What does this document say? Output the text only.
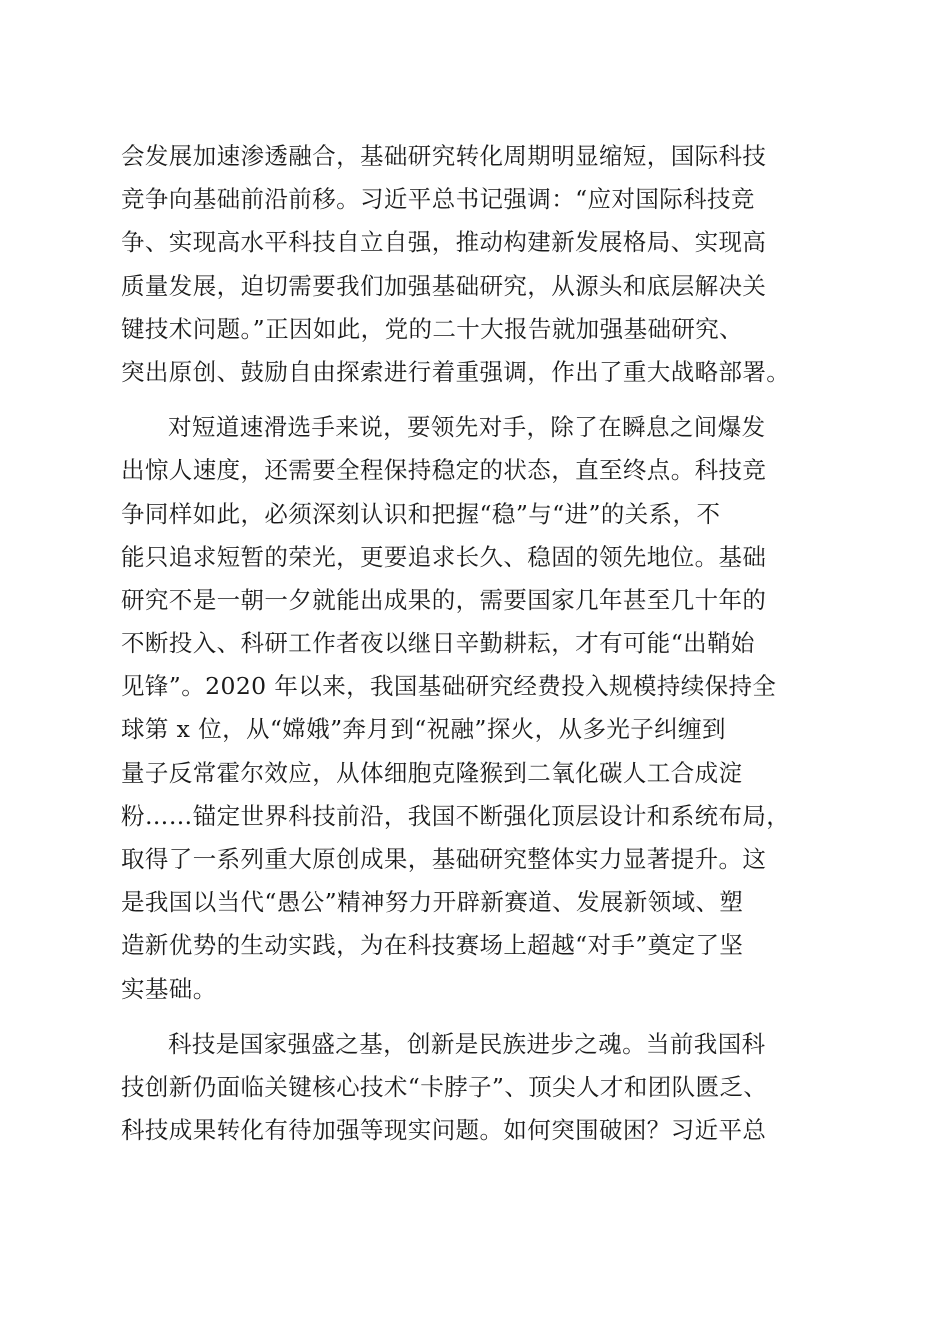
会发展加速渗透融合，基础研究转化周期明显缩短，国际科技
竞争向基础前沿前移。习近平总书记强调：“应对国际科技竞
争、实现高水平科技自立自强，推动构建新发展格局、实现高
质量发展，迫切需要我们加强基础研究，从源头和底层解决关
键技术问题。”正因如此，党的二十大报告就加强基础研究、
突出原创、鼓励自由探索进行着重强调，作出了重大战略部署。
对短道速滑选手来说，要领先对手，除了在瞬息之间爆发
出惊人速度，还需要全程保持稳定的状态，直至终点。科技竞
争同样如此，必须深刻认识和把握“稳”与“进”的关系，不
能只追求短暂的荣光，更要追求长久、稳固的领先地位。基础
研究不是一朝一夕就能出成果的，需要国家几年甚至几十年的
不断投入、科研工作者夜以继日辛勤耕耘，才有可能“出鞘始
见锋”。2020 年以来，我国基础研究经费投入规模持续保持全
球第 x 位，从“嫦娥”奔月到“祝融”探火，从多光子纠缠到
量子反常霍尔效应，从体细胞克隆猴到二氧化碳人工合成淀
粉……锚定世界科技前沿，我国不断强化顶层设计和系统布局，
取得了一系列重大原创成果，基础研究整体实力显著提升。这
是我国以当代“愚公”精神努力开辟新赛道、发展新领域、塑
造新优势的生动实践，为在科技赛场上超越“对手”奠定了坚
实基础。
科技是国家强盛之基，创新是民族进步之魂。当前我国科
技创新仍面临关键核心技术“卡脖子”、顶尖人才和团队匮乏、
科技成果转化有待加强等现实问题。如何突围破困？习近平总
